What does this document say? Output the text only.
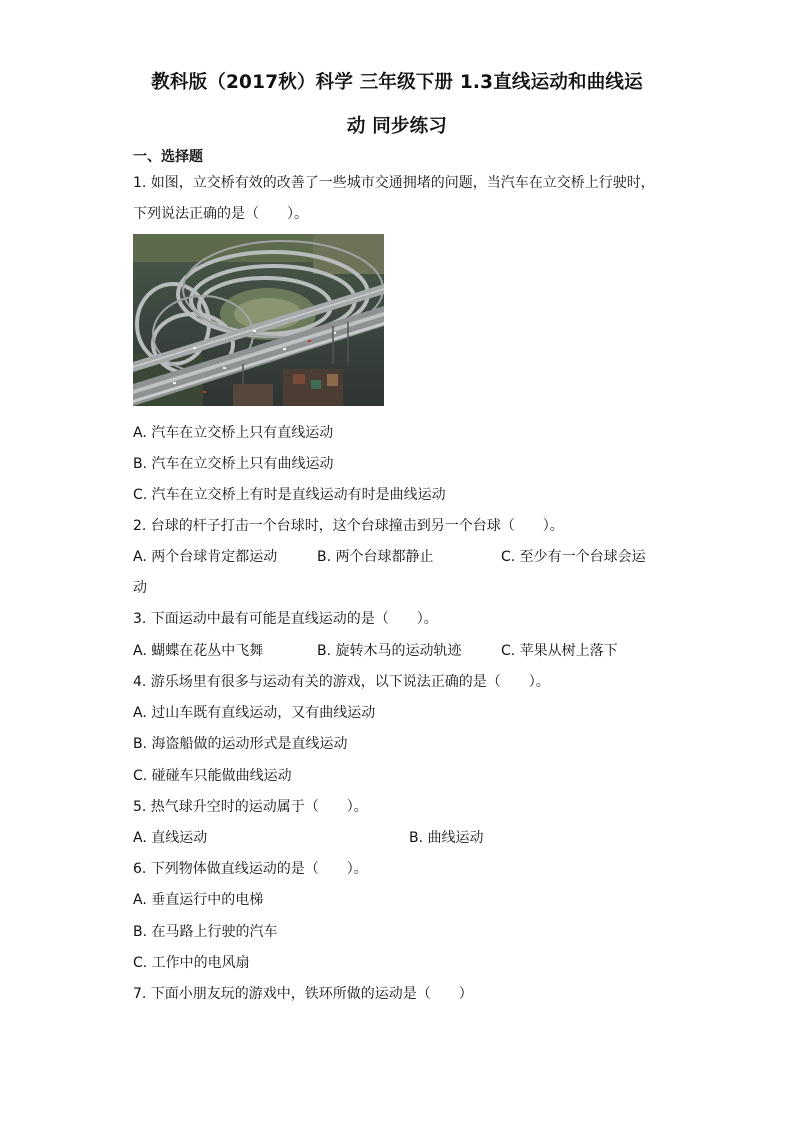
教科版（2017秋）科学 三年级下册 1.3直线运动和曲线运
动 同步练习
一、选择题
1. 如图，立交桥有效的改善了一些城市交通拥堵的问题，当汽车在立交桥上行驶时，
下列说法正确的是（　　）。
A. 汽车在立交桥上只有直线运动
B. 汽车在立交桥上只有曲线运动
C. 汽车在立交桥上有时是直线运动有时是曲线运动
2. 台球的杆子打击一个台球时，这个台球撞击到另一个台球（　　）。
A. 两个台球肯定都运动	B. 两个台球都静止	C. 至少有一个台球会运
动
3. 下面运动中最有可能是直线运动的是（　　）。
A. 蝴蝶在花丛中飞舞	B. 旋转木马的运动轨迹	C. 苹果从树上落下
4. 游乐场里有很多与运动有关的游戏，以下说法正确的是（　　）。
A. 过山车既有直线运动，又有曲线运动
B. 海盗船做的运动形式是直线运动
C. 碰碰车只能做曲线运动
5. 热气球升空时的运动属于（　　）。
A. 直线运动	B. 曲线运动
6. 下列物体做直线运动的是（　　）。
A. 垂直运行中的电梯
B. 在马路上行驶的汽车
C. 工作中的电风扇
7. 下面小朋友玩的游戏中，铁环所做的运动是（　　）
